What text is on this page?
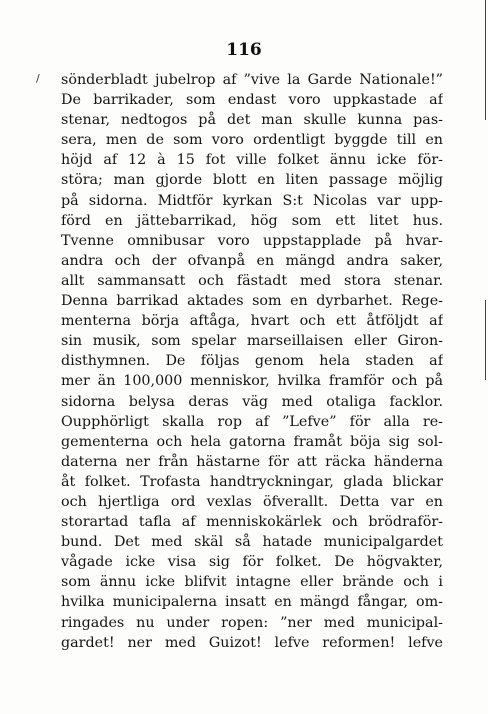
116
/ sönderbladt jubelrop af ”vive la Garde Nationale!”
De barrikader, som endast voro uppkastade af
stenar, nedtogos på det man skulle kunna pas-
sera, men de som voro ordentligt byggde till en
höjd af 12 à 15 fot ville folket ännu icke för-
störa; man gjorde blott en liten passage möjlig
på sidorna. Midtför kyrkan S:t Nicolas var upp-
förd en jättebarrikad, hög som ett litet hus.
Tvenne omnibusar voro uppstapplade på hvar-
andra och der ofvanpå en mängd andra saker,
allt sammansatt och fästadt med stora stenar.
Denna barrikad aktades som en dyrbarhet. Rege-
menterna börja aftåga, hvart och ett åtföljdt af
sin musik, som spelar marseillaisen eller Giron-
disthymnen. De följas genom hela staden af
mer än 100,000 menniskor, hvilka framför och på
sidorna belysa deras väg med otaliga facklor.
Oupphörligt skalla rop af ”Lefve” för alla re-
gementerna och hela gatorna framåt böja sig sol-
daterna ner från hästarne för att räcka händerna
åt folket. Trofasta handtryckningar, glada blickar
och hjertliga ord vexlas öfverallt. Detta var en
storartad tafla af menniskokärlek och brödraför-
bund. Det med skäl så hatade municipalgardet
vågade icke visa sig för folket. De högvakter,
som ännu icke blifvit intagne eller brände och i
hvilka municipalerna insatt en mängd fångar, om-
ringades nu under ropen: ”ner med municipal-
gardet! ner med Guizot! lefve reformen! lefve
